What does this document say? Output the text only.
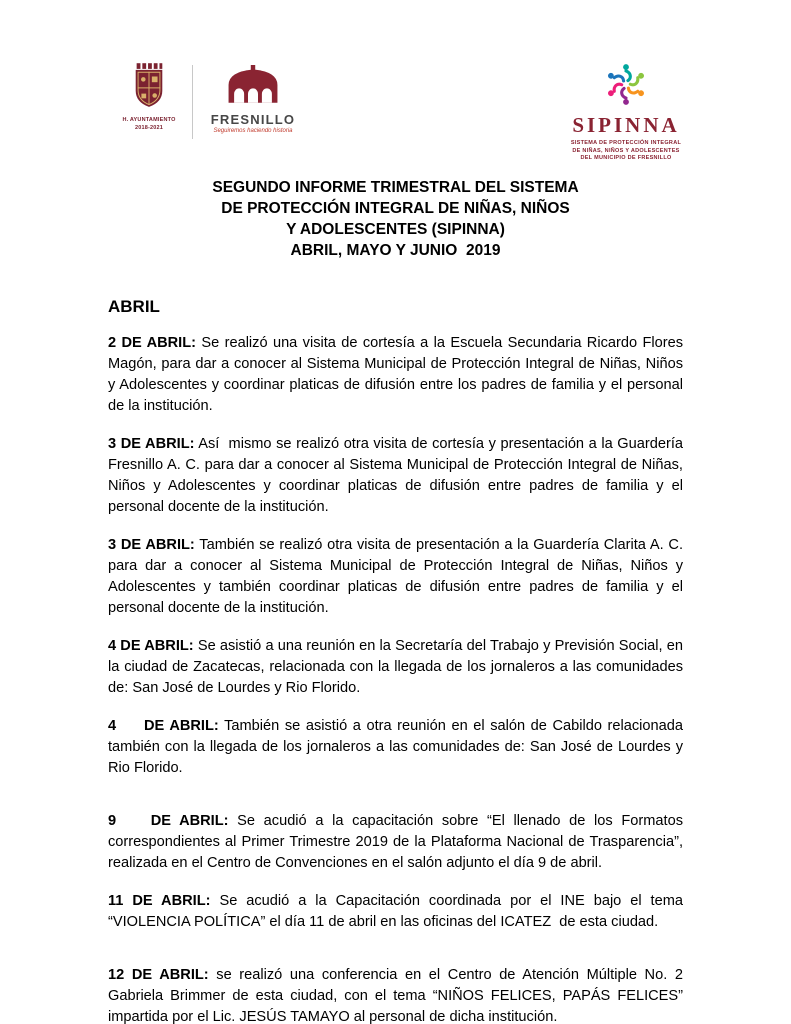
H. AYUNTAMIENTO
2018-2021
FRESNILLO
Seguiremos haciendo historia	SIPINNA
SISTEMA DE PROTECCIÓN INTEGRAL
DE NIÑAS, NIÑOS Y ADOLESCENTES
DEL MUNICIPIO DE FRESNILLO
SEGUNDO INFORME TRIMESTRAL DEL SISTEMA
DE PROTECCIÓN INTEGRAL DE NIÑAS, NIÑOS
Y ADOLESCENTES (SIPINNA)
ABRIL, MAYO Y JUNIO  2019
ABRIL

2 DE ABRIL: Se realizó una visita de cortesía a la Escuela Secundaria Ricardo Flores Magón, para dar a conocer al Sistema Municipal de Protección Integral de Niñas, Niños y Adolescentes y coordinar platicas de difusión entre los padres de familia y el personal de la institución.

3 DE ABRIL: Así  mismo se realizó otra visita de cortesía y presentación a la Guardería Fresnillo A. C. para dar a conocer al Sistema Municipal de Protección Integral de Niñas, Niños y Adolescentes y coordinar platicas de difusión entre padres de familia y el personal docente de la institución.

3 DE ABRIL: También se realizó otra visita de presentación a la Guardería Clarita A. C. para dar a conocer al Sistema Municipal de Protección Integral de Niñas, Niños y Adolescentes y también coordinar platicas de difusión entre padres de familia y el personal docente de la institución.

4 DE ABRIL: Se asistió a una reunión en la Secretaría del Trabajo y Previsión Social, en la ciudad de Zacatecas, relacionada con la llegada de los jornaleros a las comunidades de: San José de Lourdes y Rio Florido.

4     DE ABRIL: También se asistió a otra reunión en el salón de Cabildo relacionada también con la llegada de los jornaleros a las comunidades de: San José de Lourdes y Rio Florido.

9    DE ABRIL: Se acudió a la capacitación sobre “El llenado de los Formatos correspondientes al Primer Trimestre 2019 de la Plataforma Nacional de Trasparencia”, realizada en el Centro de Convenciones en el salón adjunto el día 9 de abril.

11 DE ABRIL: Se acudió a la Capacitación coordinada por el INE bajo el tema “VIOLENCIA POLÍTICA” el día 11 de abril en las oficinas del ICATEZ  de esta ciudad.

12 DE ABRIL: se realizó una conferencia en el Centro de Atención Múltiple No. 2 Gabriela Brimmer de esta ciudad, con el tema “NIÑOS FELICES, PAPÁS FELICES” impartida por el Lic. JESÚS TAMAYO al personal de dicha institución.
